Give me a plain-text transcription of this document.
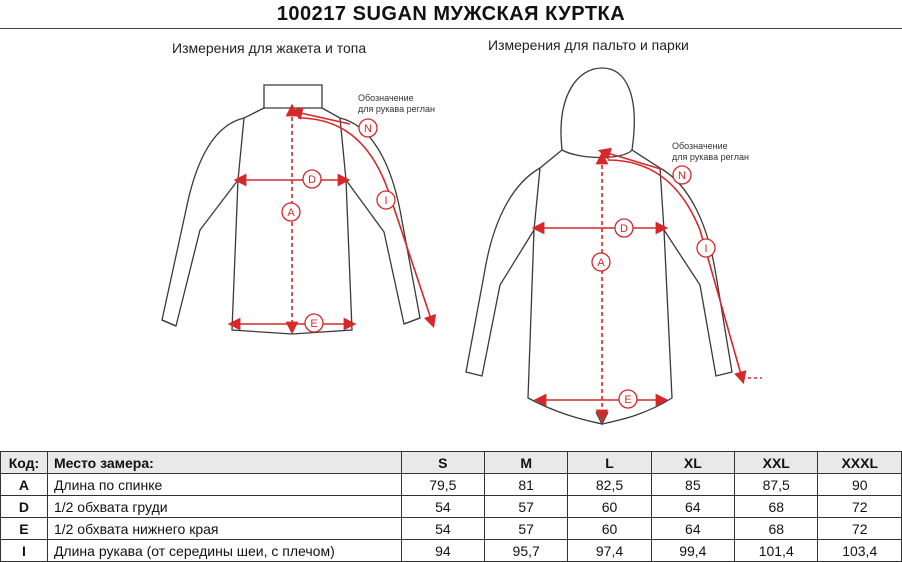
100217 SUGAN МУЖСКАЯ КУРТКА
Измерения для жакета и топа	Измерения для пальто и парки
A
D
E
I
N
Обозначение
для рукава реглан
A
D
E
I
N
Обозначение
для рукава реглан
Код:	Место замера:	S	M	L	XL	XXL	XXXL
A	Длина по спинке	79,5	81	82,5	85	87,5	90
D	1/2 обхвата груди	54	57	60	64	68	72
E	1/2 обхвата нижнего края	54	57	60	64	68	72
I	Длина рукава (от середины шеи, с плечом)	94	95,7	97,4	99,4	101,4	103,4
